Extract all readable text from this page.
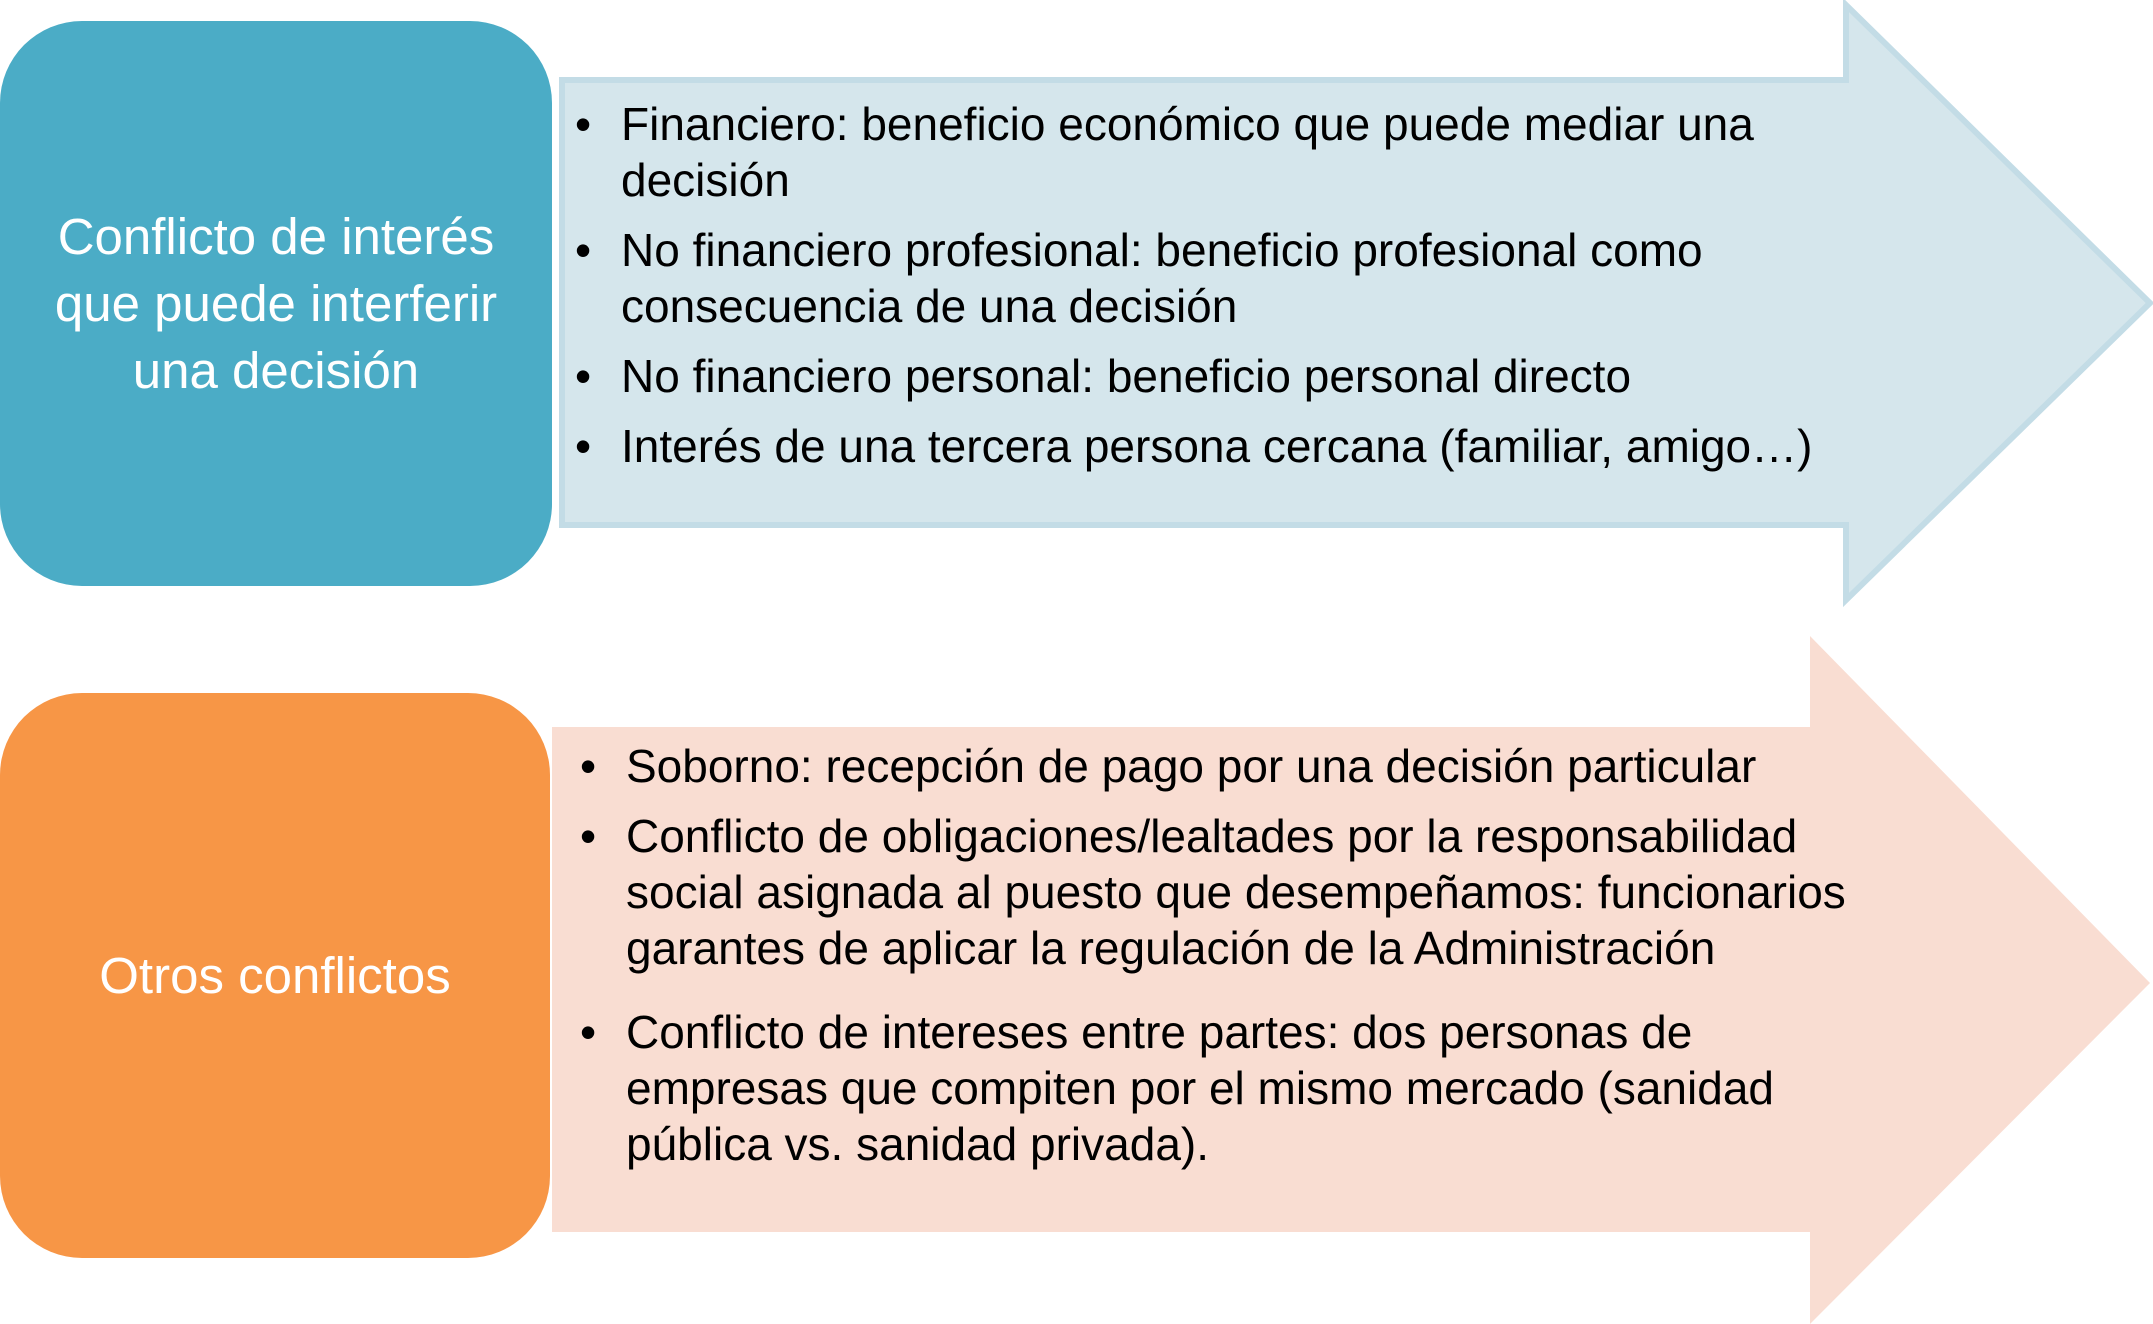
Conflicto de interés que puede interferir una decisión
• Financiero: beneficio económico que puede mediar una decisión
• No financiero profesional: beneficio profesional como consecuencia de una decisión
• No financiero personal: beneficio personal directo
• Interés de una tercera persona cercana (familiar, amigo…)
Otros conflictos
• Soborno: recepción de pago por una decisión particular
• Conflicto de obligaciones/lealtades por la responsabilidad social asignada al puesto que desempeñamos: funcionarios garantes de aplicar la regulación de la Administración
• Conflicto de intereses entre partes: dos personas de empresas que compiten por el mismo mercado (sanidad pública vs. sanidad privada).
